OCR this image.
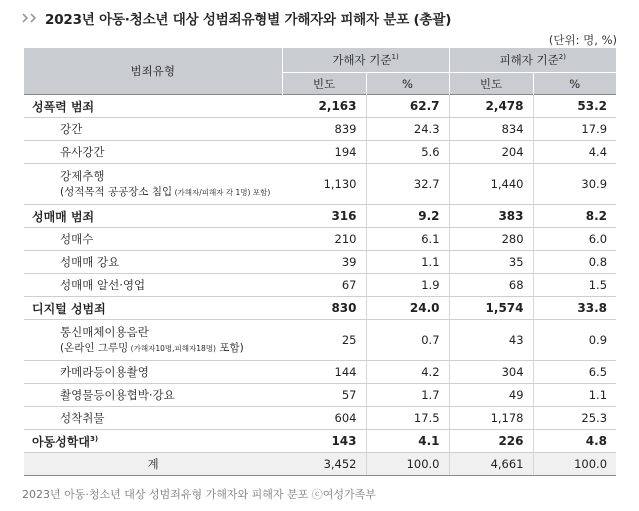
2023년 아동·청소년 대상 성범죄유형별 가해자와 피해자 분포 (총괄)
(단위: 명, %)
범죄유형	가해자 기준$^{1)}$		피해자 기준$^{2)}$
	빈도	%	빈도	%
성폭력 범죄	2,163	62.7	2,478	53.2
강간	839	24.3	834	17.9
유사강간	194	5.6	204	4.4

강제추행
(성적목적 공공장소 침입 (가해자/피해자 각 1명) 포함)	1,130	32.7	1,440	30.9
성매매 범죄	316	9.2	383	8.2
성매수	210	6.1	280	6.0
성매매 강요	39	1.1	35	0.8
성매매 알선·영업	67	1.9	68	1.5
디지털 성범죄	830	24.0	1,574	33.8

통신매체이용음란
(온라인 그루밍 (가해자10명,피해자18명) 포함)	25	0.7	43	0.9
카메라등이용촬영	144	4.2	304	6.5
촬영물등이용협박·강요	57	1.7	49	1.1
성착취물	604	17.5	1,178	25.3
아동성학대$^{3)}$	143	4.1	226	4.8
계	3,452	100.0	4,661	100.0
2023년 아동·청소년 대상 성범죄유형 가해자와 피해자 분포 ⓒ여성가족부
